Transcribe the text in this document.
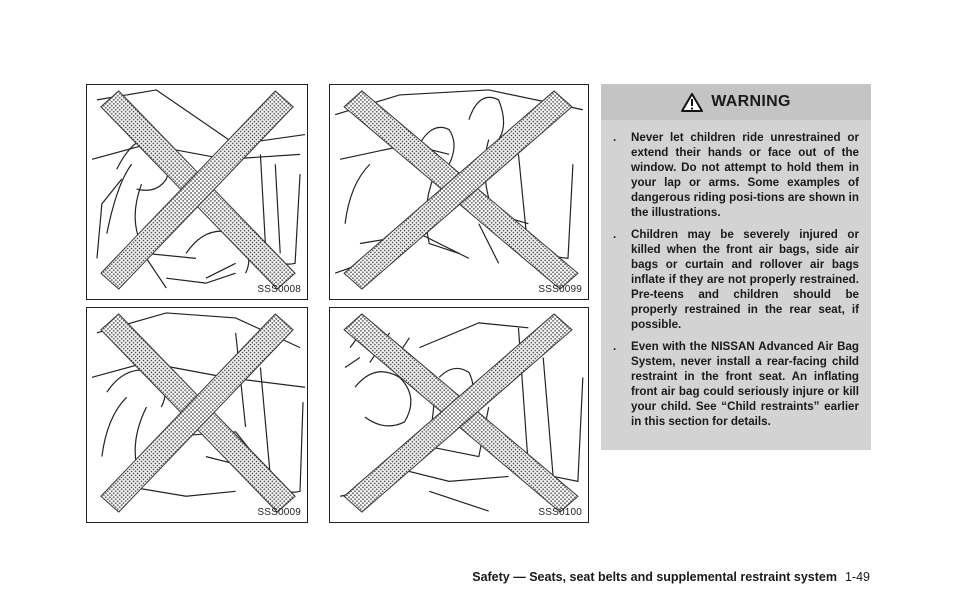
SSS0008	SSS0099
SSS0009	SSS0100
WARNING
. Never let children ride unrestrained or extend their hands or face out of the window. Do not attempt to hold them in your lap or arms. Some examples of dangerous riding posi-tions are shown in the illustrations.
. Children may be severely injured or killed when the front air bags, side air bags or curtain and rollover air bags inflate if they are not properly restrained. Pre-teens and children should be properly restrained in the rear seat, if possible.
. Even with the NISSAN Advanced Air Bag System, never install a rear-facing child restraint in the front seat. An inflating front air bag could seriously injure or kill your child. See “Child restraints” earlier in this section for details.
Safety — Seats, seat belts and supplemental restraint system 1-49
